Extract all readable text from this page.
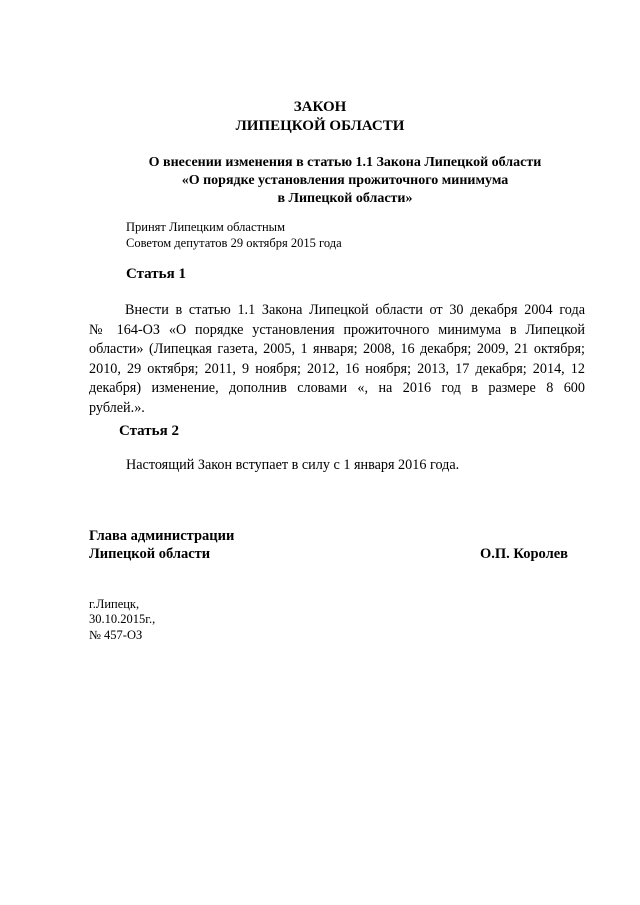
ЗАКОН

ЛИПЕЦКОЙ ОБЛАСТИ

О внесении изменения в статью 1.1 Закона Липецкой области

«О порядке установления прожиточного минимума

в Липецкой области»

Принят Липецким областным

Советом депутатов 29 октября 2015 года

Статья 1

Внести в статью 1.1 Закона Липецкой области от 30 декабря 2004 года
№ 164-ОЗ «О порядке установления прожиточного минимума в Липецкой
области» (Липецкая газета, 2005, 1 января; 2008, 16 декабря; 2009, 21 октября;
2010, 29 октября; 2011, 9 ноября; 2012, 16 ноября; 2013, 17 декабря; 2014, 12
декабря) изменение, дополнив словами «, на 2016 год в размере 8 600
рублей.».

Статья 2

Настоящий Закон вступает в силу с 1 января 2016 года.

Глава администрации

Липецкой области	О.П. Королев

г.Липецк,

30.10.2015г.,

№ 457-ОЗ
